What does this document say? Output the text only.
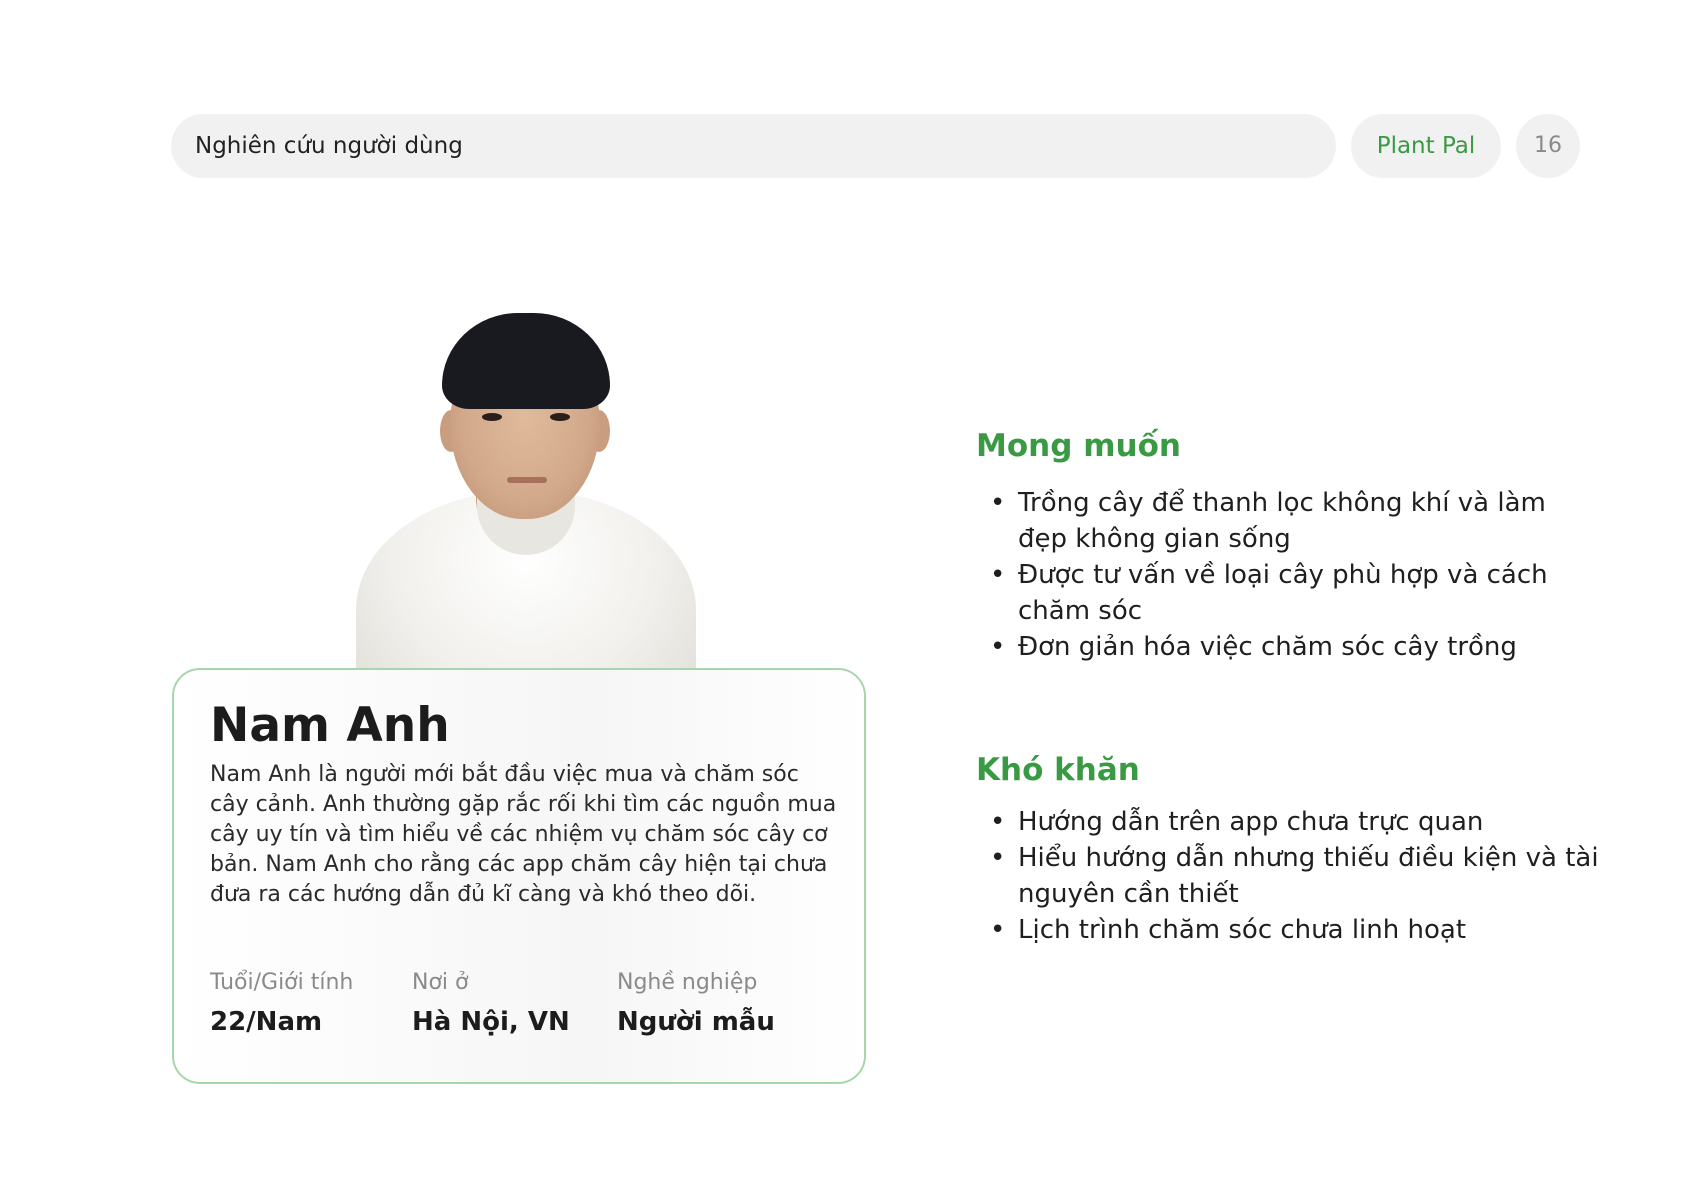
Nghiên cứu người dùng	Plant Pal	16
Nam Anh

Nam Anh là người mới bắt đầu việc mua và chăm sóc cây cảnh. Anh thường gặp rắc rối khi tìm các nguồn mua cây uy tín và tìm hiểu về các nhiệm vụ chăm sóc cây cơ bản. Nam Anh cho rằng các app chăm cây hiện tại chưa đưa ra các hướng dẫn đủ kĩ càng và khó theo dõi.

Tuổi/Giới tính
22/Nam
Nơi ở
Hà Nội, VN
Nghề nghiệp
Người mẫu
Mong muốn
• Trồng cây để thanh lọc không khí và làm đẹp không gian sống
• Được tư vấn về loại cây phù hợp và cách chăm sóc
• Đơn giản hóa việc chăm sóc cây trồng
Khó khăn
• Hướng dẫn trên app chưa trực quan
• Hiểu hướng dẫn nhưng thiếu điều kiện và tài nguyên cần thiết
• Lịch trình chăm sóc chưa linh hoạt
